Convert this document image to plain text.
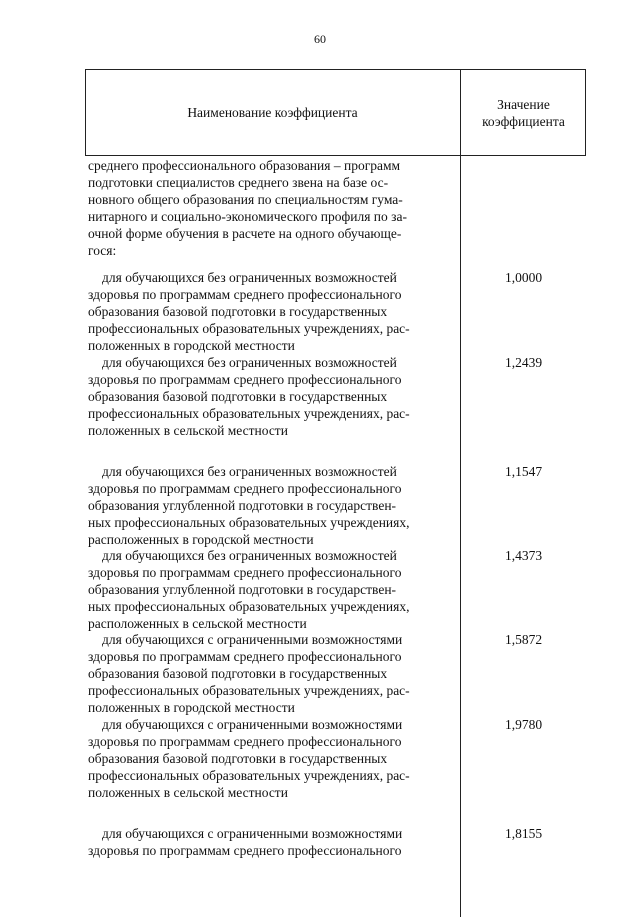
60
Наименование коэффициента
Значение
коэффициента

среднего профессионального образования – программ

подготовки специалистов среднего звена на базе ос-

новного общего образования по специальностям гума-

нитарного и социально-экономического профиля по за-

очной форме обучения в расчете на одного обучающе-

гося:

для обучающихся без ограниченных возможностей

здоровья по программам среднего профессионального

образования базовой подготовки в государственных

профессиональных образовательных учреждениях, рас-

положенных в городской местности

1,0000

для обучающихся без ограниченных возможностей

здоровья по программам среднего профессионального

образования базовой подготовки в государственных

профессиональных образовательных учреждениях, рас-

положенных в сельской местности

1,2439

для обучающихся без ограниченных возможностей

здоровья по программам среднего профессионального

образования углубленной подготовки в государствен-

ных профессиональных образовательных учреждениях,

расположенных в городской местности

1,1547

для обучающихся без ограниченных возможностей

здоровья по программам среднего профессионального

образования углубленной подготовки в государствен-

ных профессиональных образовательных учреждениях,

расположенных в сельской местности

1,4373

для обучающихся с ограниченными возможностями

здоровья по программам среднего профессионального

образования базовой подготовки в государственных

профессиональных образовательных учреждениях, рас-

положенных в городской местности

1,5872

для обучающихся с ограниченными возможностями

здоровья по программам среднего профессионального

образования базовой подготовки в государственных

профессиональных образовательных учреждениях, рас-

положенных в сельской местности

1,9780

для обучающихся с ограниченными возможностями

здоровья по программам среднего профессионального

1,8155
